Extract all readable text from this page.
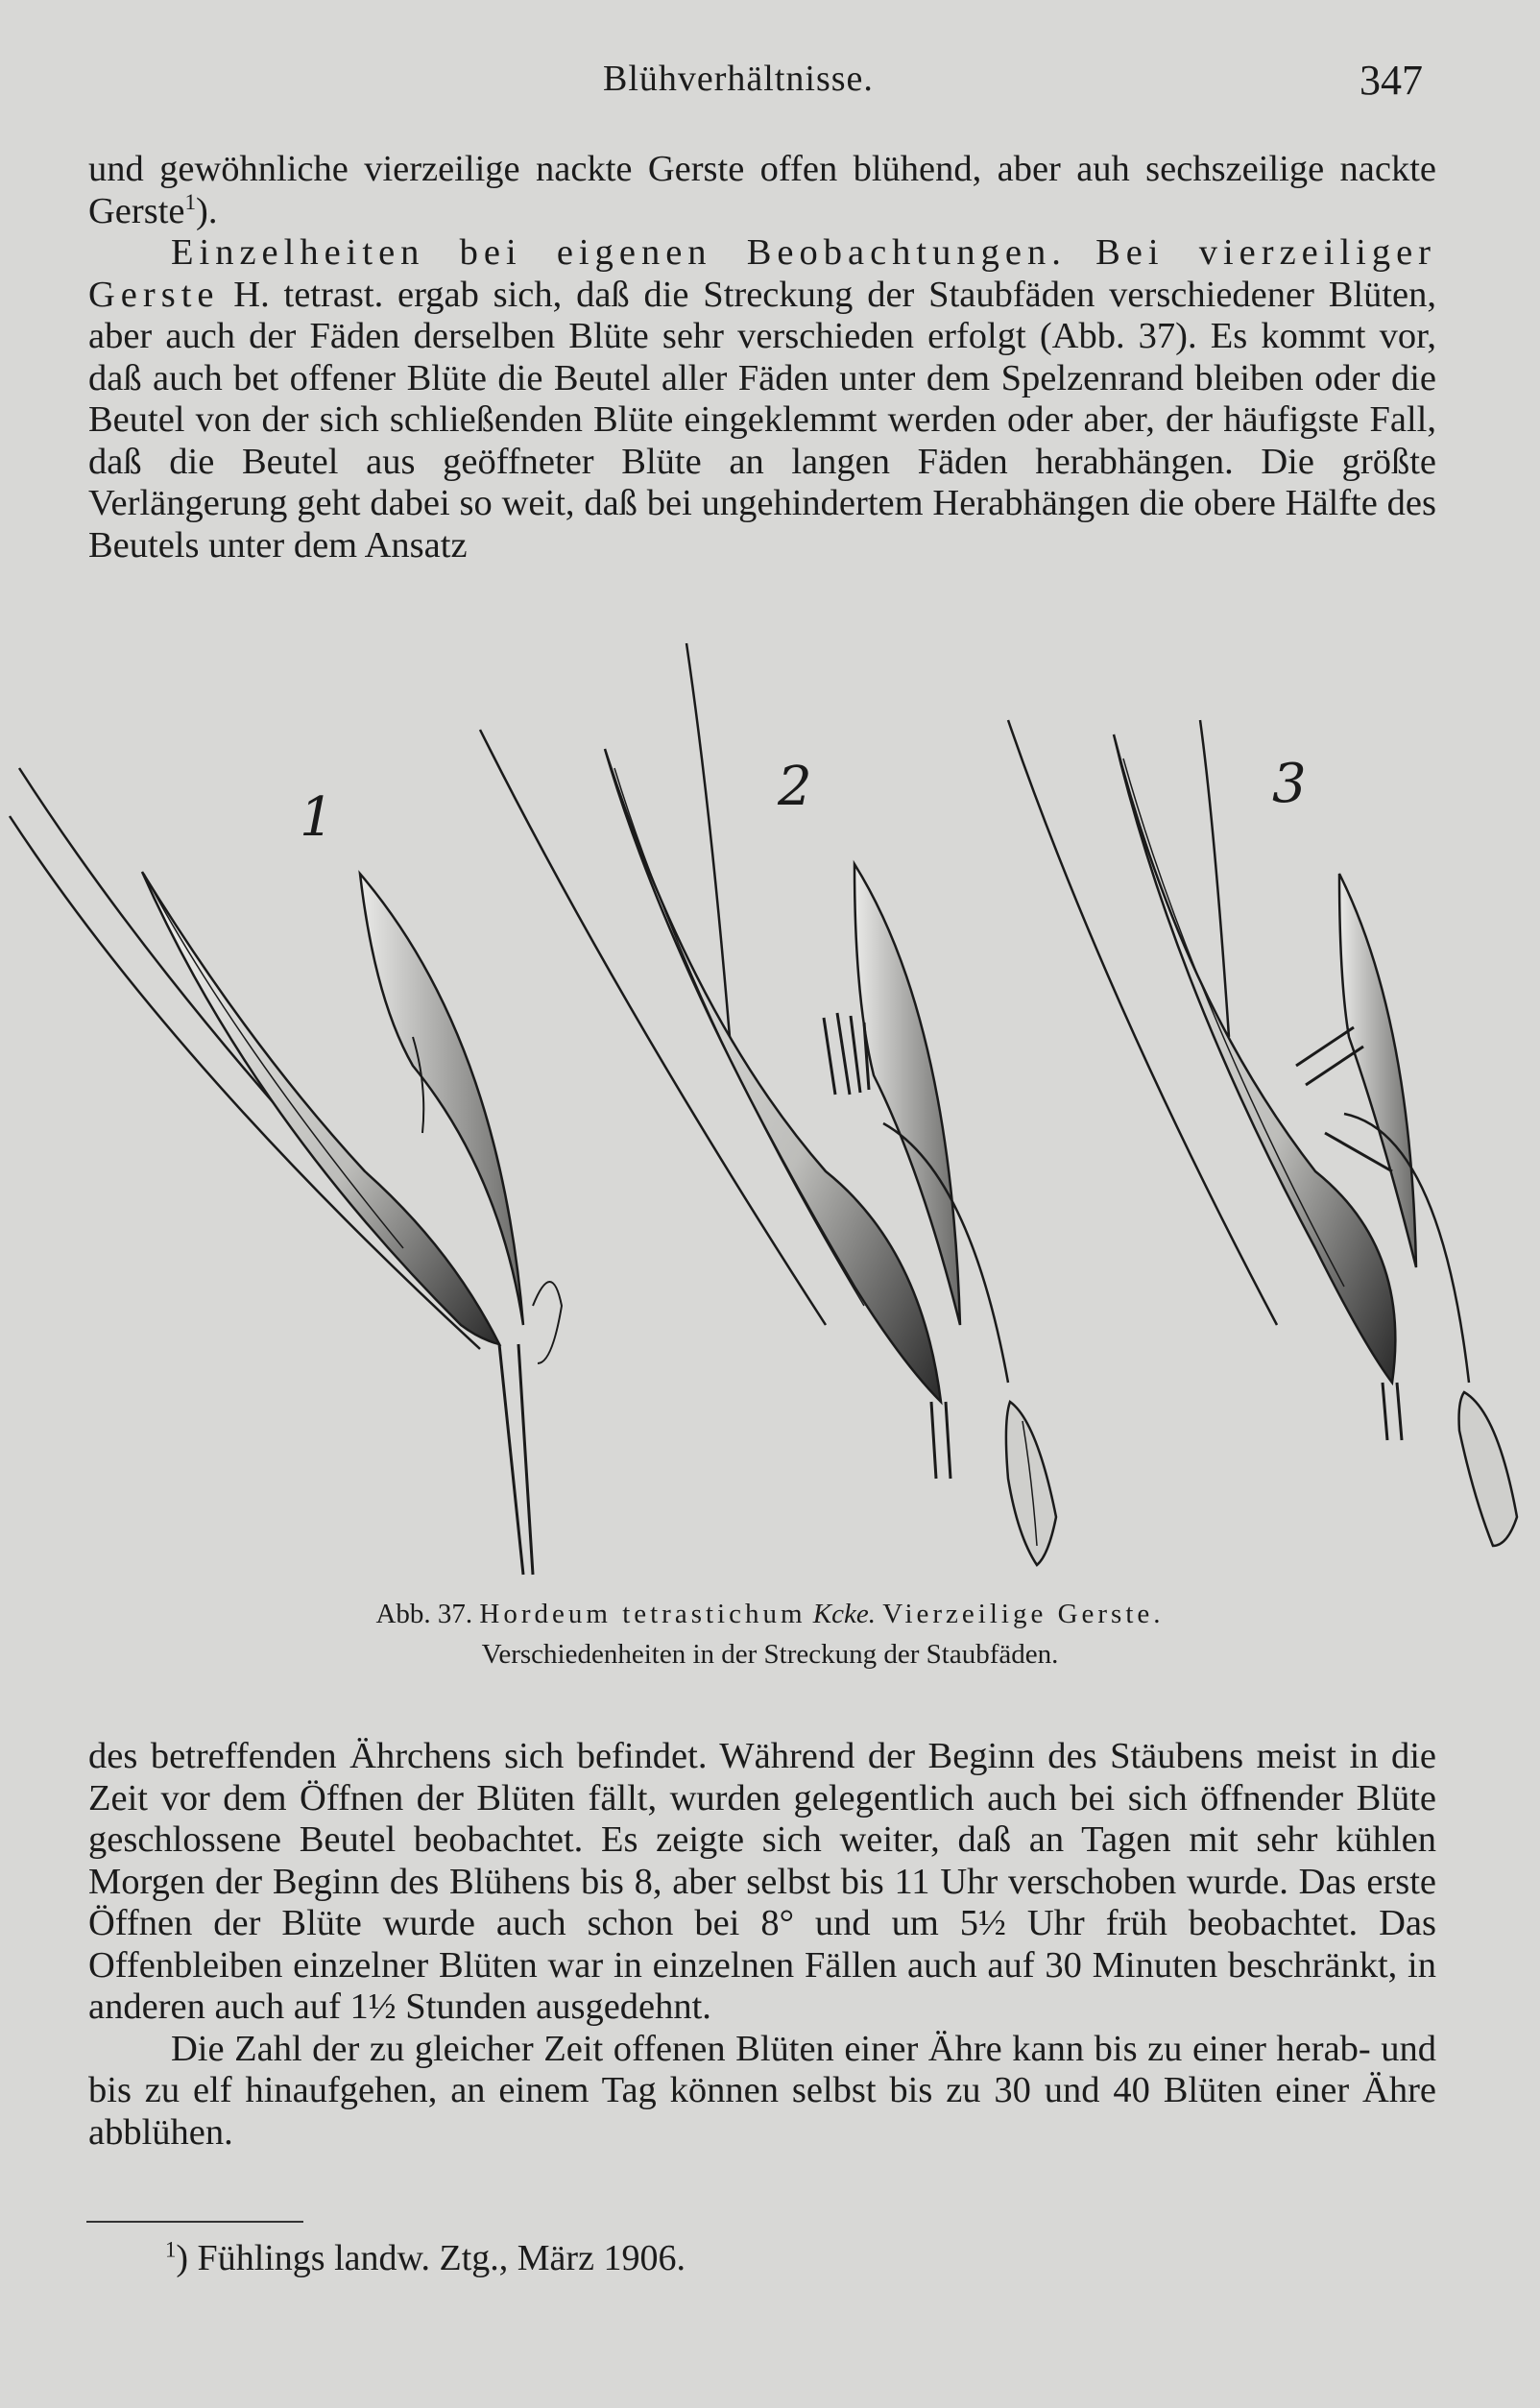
Blühverhältnisse.	347

und gewöhnliche vierzeilige nackte Gerste offen blühend, aber auh sechszeilige nackte Gerste$^1$).
Einzelheiten bei eigenen Beobachtungen. Bei vierzeiliger Gerste H. tetrast. ergab sich, daß die Streckung der Staubfäden verschiedener Blüten, aber auch der Fäden derselben Blüte sehr verschieden erfolgt (Abb. 37). Es kommt vor, daß auch bet offener Blüte die Beutel aller Fäden unter dem Spelzenrand bleiben oder die Beutel von der sich schließenden Blüte eingeklemmt werden oder aber, der häufigste Fall, daß die Beutel aus geöffneter Blüte an langen Fäden herabhängen. Die größte Verlängerung geht dabei so weit, daß bei ungehindertem Herabhängen die obere Hälfte des Beutels unter dem Ansatz

1	2	3
Abb. 37. Hordeum tetrastichum Kcke. Vierzeilige Gerste.
Verschiedenheiten in der Streckung der Staubfäden.

des betreffenden Ährchens sich befindet. Während der Beginn des Stäubens meist in die Zeit vor dem Öffnen der Blüten fällt, wurden gelegentlich auch bei sich öffnender Blüte geschlossene Beutel beobachtet. Es zeigte sich weiter, daß an Tagen mit sehr kühlen Morgen der Beginn des Blühens bis 8, aber selbst bis 11 Uhr verschoben wurde. Das erste Öffnen der Blüte wurde auch schon bei 8° und um 5½ Uhr früh beobachtet. Das Offenbleiben einzelner Blüten war in einzelnen Fällen auch auf 30 Minuten beschränkt, in anderen auch auf 1½ Stunden ausgedehnt.
Die Zahl der zu gleicher Zeit offenen Blüten einer Ähre kann bis zu einer herab- und bis zu elf hinaufgehen, an einem Tag können selbst bis zu 30 und 40 Blüten einer Ähre abblühen.

$^1$) Fühlings landw. Ztg., März 1906.
